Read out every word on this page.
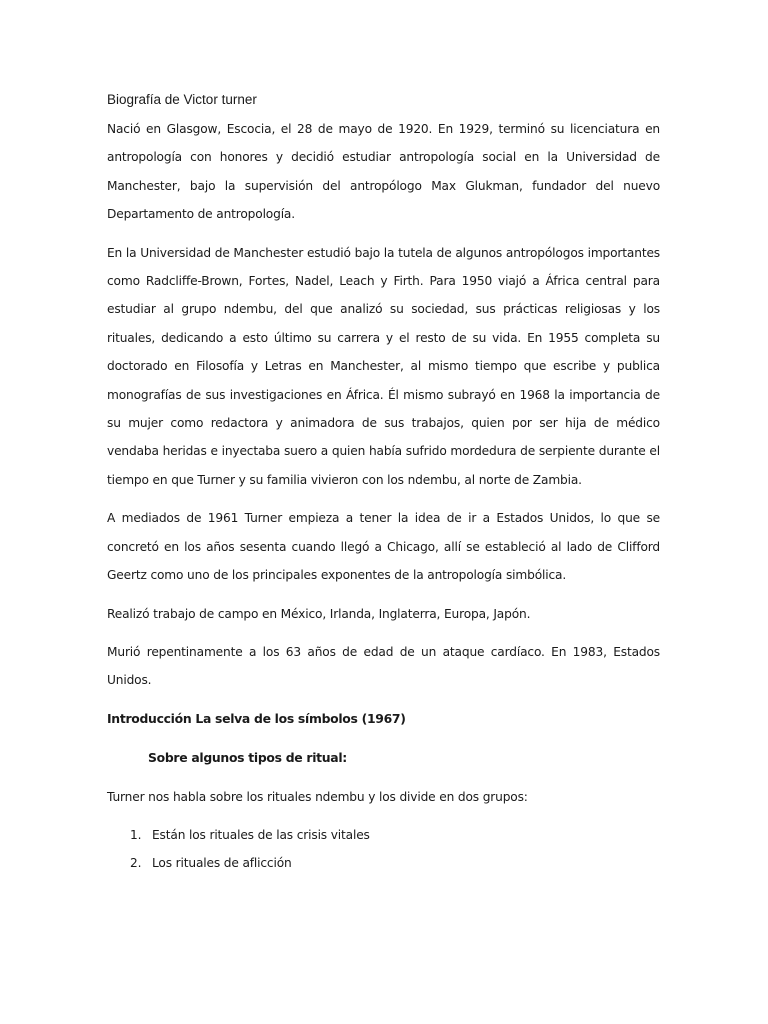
Biografía de Victor turner

Nació en Glasgow, Escocia, el 28 de mayo de 1920. En 1929, terminó su licenciatura en antropología con honores y decidió estudiar antropología social en la Universidad de Manchester, bajo la supervisión del antropólogo Max Glukman, fundador del nuevo Departamento de antropología.

En la Universidad de Manchester estudió bajo la tutela de algunos antropólogos importantes como Radcliffe-Brown, Fortes, Nadel, Leach y Firth. Para 1950 viajó a África central para estudiar al grupo ndembu, del que analizó su sociedad, sus prácticas religiosas y los rituales, dedicando a esto último su carrera y el resto de su vida. En 1955 completa su doctorado en Filosofía y Letras en Manchester, al mismo tiempo que escribe y publica monografías de sus investigaciones en África. Él mismo subrayó en 1968 la importancia de su mujer como redactora y animadora de sus trabajos, quien por ser hija de médico vendaba heridas e inyectaba suero a quien había sufrido mordedura de serpiente durante el tiempo en que Turner y su familia vivieron con los ndembu, al norte de Zambia.

A mediados de 1961 Turner empieza a tener la idea de ir a Estados Unidos, lo que se concretó en los años sesenta cuando llegó a Chicago, allí se estableció al lado de Clifford Geertz como uno de los principales exponentes de la antropología simbólica.

Realizó trabajo de campo en México, Irlanda, Inglaterra, Europa, Japón.

Murió repentinamente a los 63 años de edad de un ataque cardíaco. En 1983, Estados Unidos.

Introducción La selva de los símbolos (1967)
Sobre algunos tipos de ritual:

Turner nos habla sobre los rituales ndembu y los divide en dos grupos:

1. Están los rituales de las crisis vitales
2. Los rituales de aflicción
